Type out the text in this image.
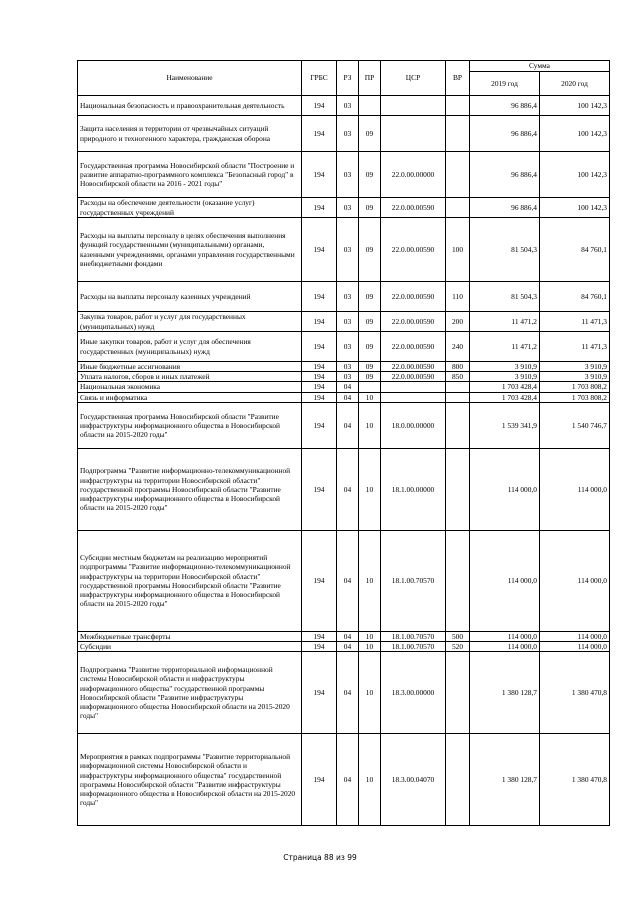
Наименование	ГРБС	РЗ	ПР	ЦСР	ВР	Сумма	
						2019 год	2020 год
Национальная безопасность и правоохранительная деятельность	194	03				96 886,4	100 142,3
Защита населения и территории от чрезвычайных ситуаций природного и техногенного характера, гражданская оборона	194	03	09			96 886,4	100 142,3
Государственная программа Новосибирской области "Построение и развитие аппаратно-программного комплекса "Безопасный город" в Новосибирской области на 2016 - 2021 годы"	194	03	09	22.0.00.00000		96 886,4	100 142,3
Расходы на обеспечение деятельности (оказание услуг) государственных учреждений	194	03	09	22.0.00.00590		96 886,4	100 142,3
Расходы на выплаты персоналу в целях обеспечения выполнения функций государственными (муниципальными) органами, казенными учреждениями, органами управления государственными внебюджетными фондами	194	03	09	22.0.00.00590	100	81 504,3	84 760,1
Расходы на выплаты персоналу казенных учреждений	194	03	09	22.0.00.00590	110	81 504,3	84 760,1
Закупка товаров, работ и услуг для государственных (муниципальных) нужд	194	03	09	22.0.00.00590	200	11 471,2	11 471,3
Иные закупки товаров, работ и услуг для обеспечения государственных (муниципальных) нужд	194	03	09	22.0.00.00590	240	11 471,2	11 471,3
Иные бюджетные ассигнования	194	03	09	22.0.00.00590	800	3 910,9	3 910,9
Уплата налогов, сборов и иных платежей	194	03	09	22.0.00.00590	850	3 910,9	3 910,9
Национальная экономика	194	04				1 703 428,4	1 703 808,2
Связь и информатика	194	04	10			1 703 428,4	1 703 808,2
Государственная программа Новосибирской области "Развитие инфраструктуры информационного общества в Новосибирской области на 2015-2020 годы"	194	04	10	18.0.00.00000		1 539 341,9	1 540 746,7
Подпрограмма "Развитие информационно-телекоммуникационной инфраструктуры на территории Новосибирской области" государственной программы Новосибирской области "Развитие инфраструктуры информационного общества в Новосибирской области на 2015-2020 годы"	194	04	10	18.1.00.00000		114 000,0	114 000,0
Субсидии местным бюджетам на реализацию мероприятий подпрограммы "Развитие информационно-телекоммуникационной инфраструктуры на территории Новосибирской области" государственной программы Новосибирской области "Развитие инфраструктуры информационного общества в Новосибирской области на 2015-2020 годы"	194	04	10	18.1.00.70570		114 000,0	114 000,0
Межбюджетные трансферты	194	04	10	18.1.00.70570	500	114 000,0	114 000,0
Субсидии	194	04	10	18.1.00.70570	520	114 000,0	114 000,0
Подпрограмма "Развитие территориальной информационной системы Новосибирской области и инфраструктуры информационного общества" государственной программы Новосибирской области "Развитие инфраструктуры информационного общества Новосибирской области на 2015-2020 годы"	194	04	10	18.3.00.00000		1 380 128,7	1 380 470,8
Мероприятия в рамках подпрограммы "Развитие территориальной информационной системы Новосибирской области и инфраструктуры информационного общества" государственной программы Новосибирской области "Развитие инфраструктуры информационного общества в Новосибирской области на 2015-2020 годы"	194	04	10	18.3.00.04070		1 380 128,7	1 380 470,8
Страница 88 из 99
